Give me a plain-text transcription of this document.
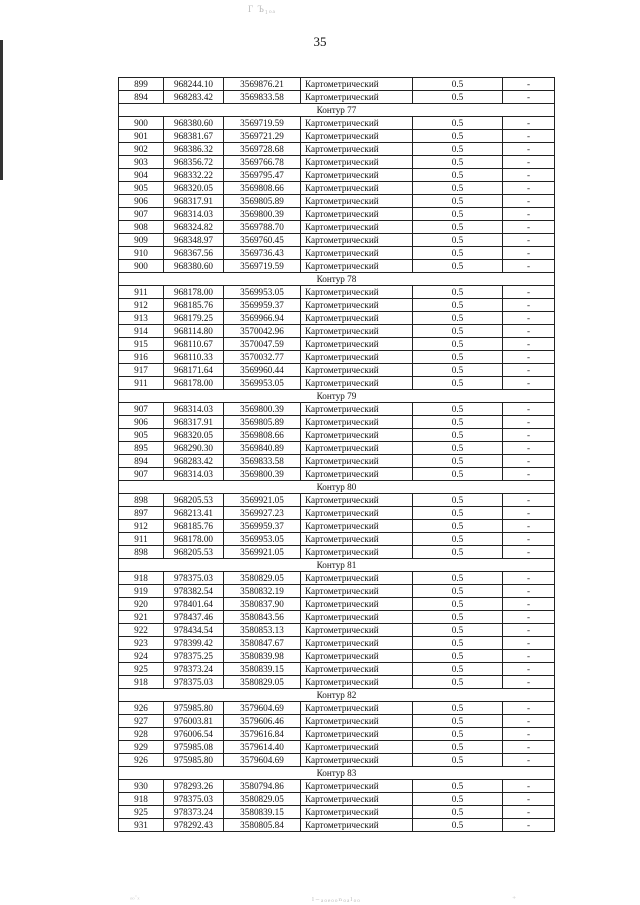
Г Ъ₁ₒₐ
35
899	968244.10	3569876.21	Картометрический	0.5	-
894	968283.42	3569833.58	Картометрический	0.5	-
Контур 77					
900	968380.60	3569719.59	Картометрический	0.5	-
901	968381.67	3569721.29	Картометрический	0.5	-
902	968386.32	3569728.68	Картометрический	0.5	-
903	968356.72	3569766.78	Картометрический	0.5	-
904	968332.22	3569795.47	Картометрический	0.5	-
905	968320.05	3569808.66	Картометрический	0.5	-
906	968317.91	3569805.89	Картометрический	0.5	-
907	968314.03	3569800.39	Картометрический	0.5	-
908	968324.82	3569788.70	Картометрический	0.5	-
909	968348.97	3569760.45	Картометрический	0.5	-
910	968367.56	3569736.43	Картометрический	0.5	-
900	968380.60	3569719.59	Картометрический	0.5	-
Контур 78					
911	968178.00	3569953.05	Картометрический	0.5	-
912	968185.76	3569959.37	Картометрический	0.5	-
913	968179.25	3569966.94	Картометрический	0.5	-
914	968114.80	3570042.96	Картометрический	0.5	-
915	968110.67	3570047.59	Картометрический	0.5	-
916	968110.33	3570032.77	Картометрический	0.5	-
917	968171.64	3569960.44	Картометрический	0.5	-
911	968178.00	3569953.05	Картометрический	0.5	-
Контур 79					
907	968314.03	3569800.39	Картометрический	0.5	-
906	968317.91	3569805.89	Картометрический	0.5	-
905	968320.05	3569808.66	Картометрический	0.5	-
895	968290.30	3569840.89	Картометрический	0.5	-
894	968283.42	3569833.58	Картометрический	0.5	-
907	968314.03	3569800.39	Картометрический	0.5	-
Контур 80					
898	968205.53	3569921.05	Картометрический	0.5	-
897	968213.41	3569927.23	Картометрический	0.5	-
912	968185.76	3569959.37	Картометрический	0.5	-
911	968178.00	3569953.05	Картометрический	0.5	-
898	968205.53	3569921.05	Картометрический	0.5	-
Контур 81					
918	978375.03	3580829.05	Картометрический	0.5	-
919	978382.54	3580832.19	Картометрический	0.5	-
920	978401.64	3580837.90	Картометрический	0.5	-
921	978437.46	3580843.56	Картометрический	0.5	-
922	978434.54	3580853.13	Картометрический	0.5	-
923	978399.42	3580847.67	Картометрический	0.5	-
924	978375.25	3580839.98	Картометрический	0.5	-
925	978373.24	3580839.15	Картометрический	0.5	-
918	978375.03	3580829.05	Картометрический	0.5	-
Контур 82					
926	975985.80	3579604.69	Картометрический	0.5	-
927	976003.81	3579606.46	Картометрический	0.5	-
928	976006.54	3579616.84	Картометрический	0.5	-
929	975985.08	3579614.40	Картометрический	0.5	-
926	975985.80	3579604.69	Картометрический	0.5	-
Контур 83					
930	978293.26	3580794.86	Картометрический	0.5	-
918	978375.03	3580829.05	Картометрический	0.5	-
925	978373.24	3580839.15	Картометрический	0.5	-
931	978292.43	3580805.84	Картометрический	0.5	-
ₒₒ·ₓ	ₗ₋ₐₒₑₒₒₙₒₐₗₒₒ	₊
